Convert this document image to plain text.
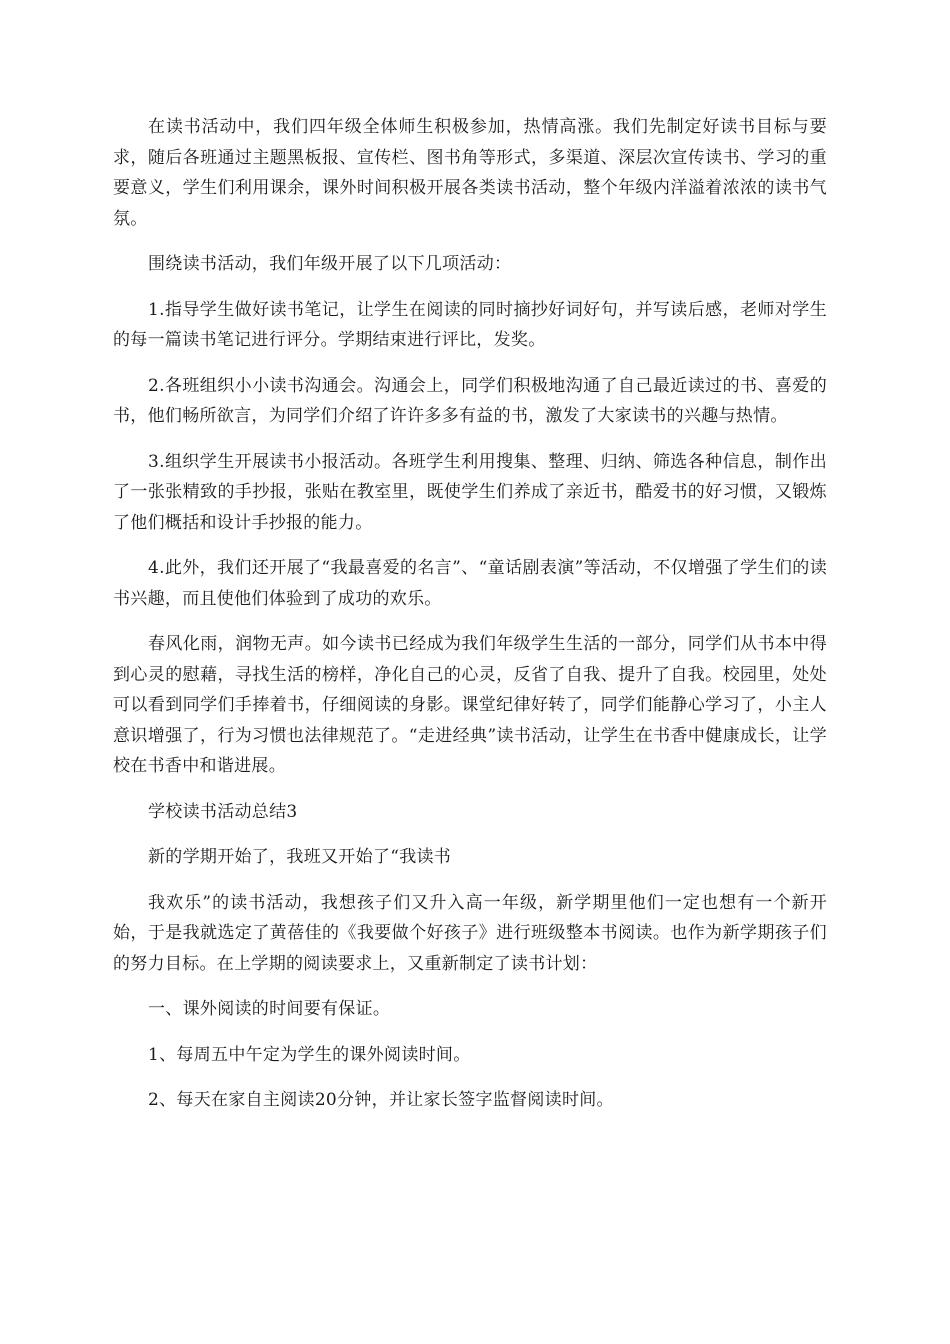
在读书活动中，我们四年级全体师生积极参加，热情高涨。我们先制定好读书目标与要求，随后各班通过主题黑板报、宣传栏、图书角等形式，多渠道、深层次宣传读书、学习的重要意义，学生们利用课余，课外时间积极开展各类读书活动，整个年级内洋溢着浓浓的读书气氛。

围绕读书活动，我们年级开展了以下几项活动：

1.指导学生做好读书笔记，让学生在阅读的同时摘抄好词好句，并写读后感，老师对学生的每一篇读书笔记进行评分。学期结束进行评比，发奖。

2.各班组织小小读书沟通会。沟通会上，同学们积极地沟通了自己最近读过的书、喜爱的书，他们畅所欲言，为同学们介绍了许许多多有益的书，激发了大家读书的兴趣与热情。

3.组织学生开展读书小报活动。各班学生利用搜集、整理、归纳、筛选各种信息，制作出了一张张精致的手抄报，张贴在教室里，既使学生们养成了亲近书，酷爱书的好习惯，又锻炼了他们概括和设计手抄报的能力。

4.此外，我们还开展了“我最喜爱的名言”、“童话剧表演”等活动，不仅增强了学生们的读书兴趣，而且使他们体验到了成功的欢乐。

春风化雨，润物无声。如今读书已经成为我们年级学生生活的一部分，同学们从书本中得到心灵的慰藉，寻找生活的榜样，净化自己的心灵，反省了自我、提升了自我。校园里，处处可以看到同学们手捧着书，仔细阅读的身影。课堂纪律好转了，同学们能静心学习了，小主人意识增强了，行为习惯也法律规范了。“走进经典”读书活动，让学生在书香中健康成长，让学校在书香中和谐进展。

学校读书活动总结3

新的学期开始了，我班又开始了“我读书

我欢乐”的读书活动，我想孩子们又升入高一年级，新学期里他们一定也想有一个新开始，于是我就选定了黄蓓佳的《我要做个好孩子》进行班级整本书阅读。也作为新学期孩子们的努力目标。在上学期的阅读要求上，又重新制定了读书计划：

一、课外阅读的时间要有保证。

1、每周五中午定为学生的课外阅读时间。

2、每天在家自主阅读20分钟，并让家长签字监督阅读时间。
